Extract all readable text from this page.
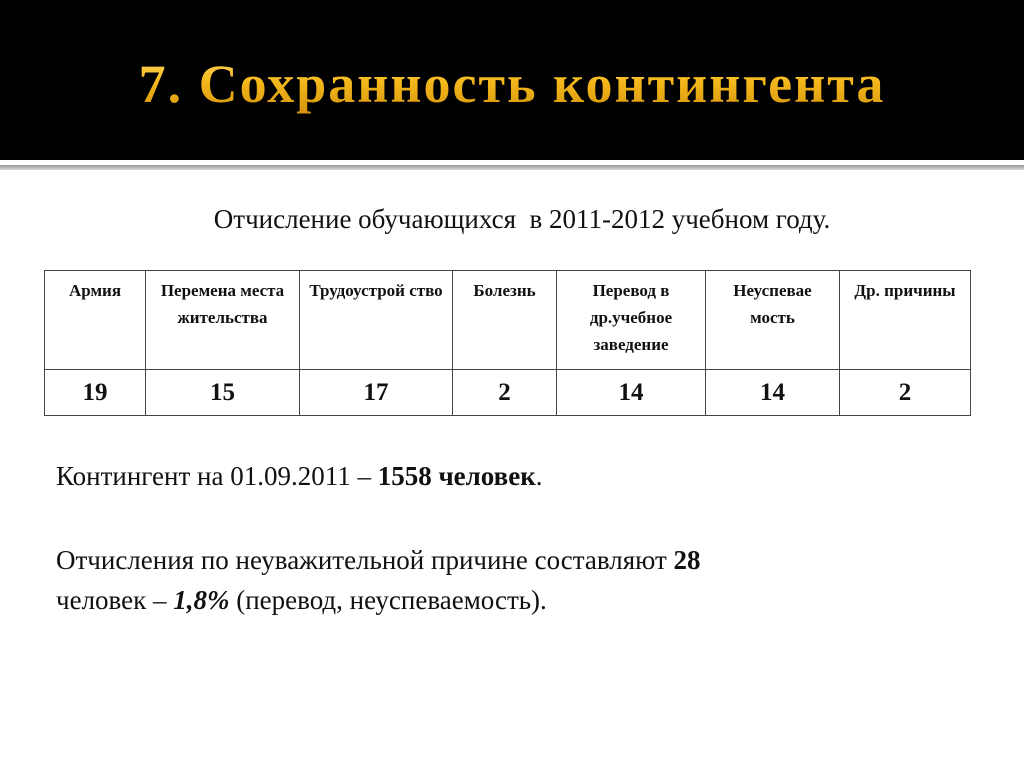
7. Сохранность контингента
Отчисление обучающихся  в 2011-2012 учебном году.
Армия	Перемена места жительства	Трудоустрой ство	Болезнь	Перевод в др.учебное заведение	Неуспевае мость	Др. причины
19	15	17	2	14	14	2
Контингент на 01.09.2011 – 1558 человек.
Отчисления по неуважительной причине составляют 28
человек – 1,8% (перевод, неуспеваемость).
